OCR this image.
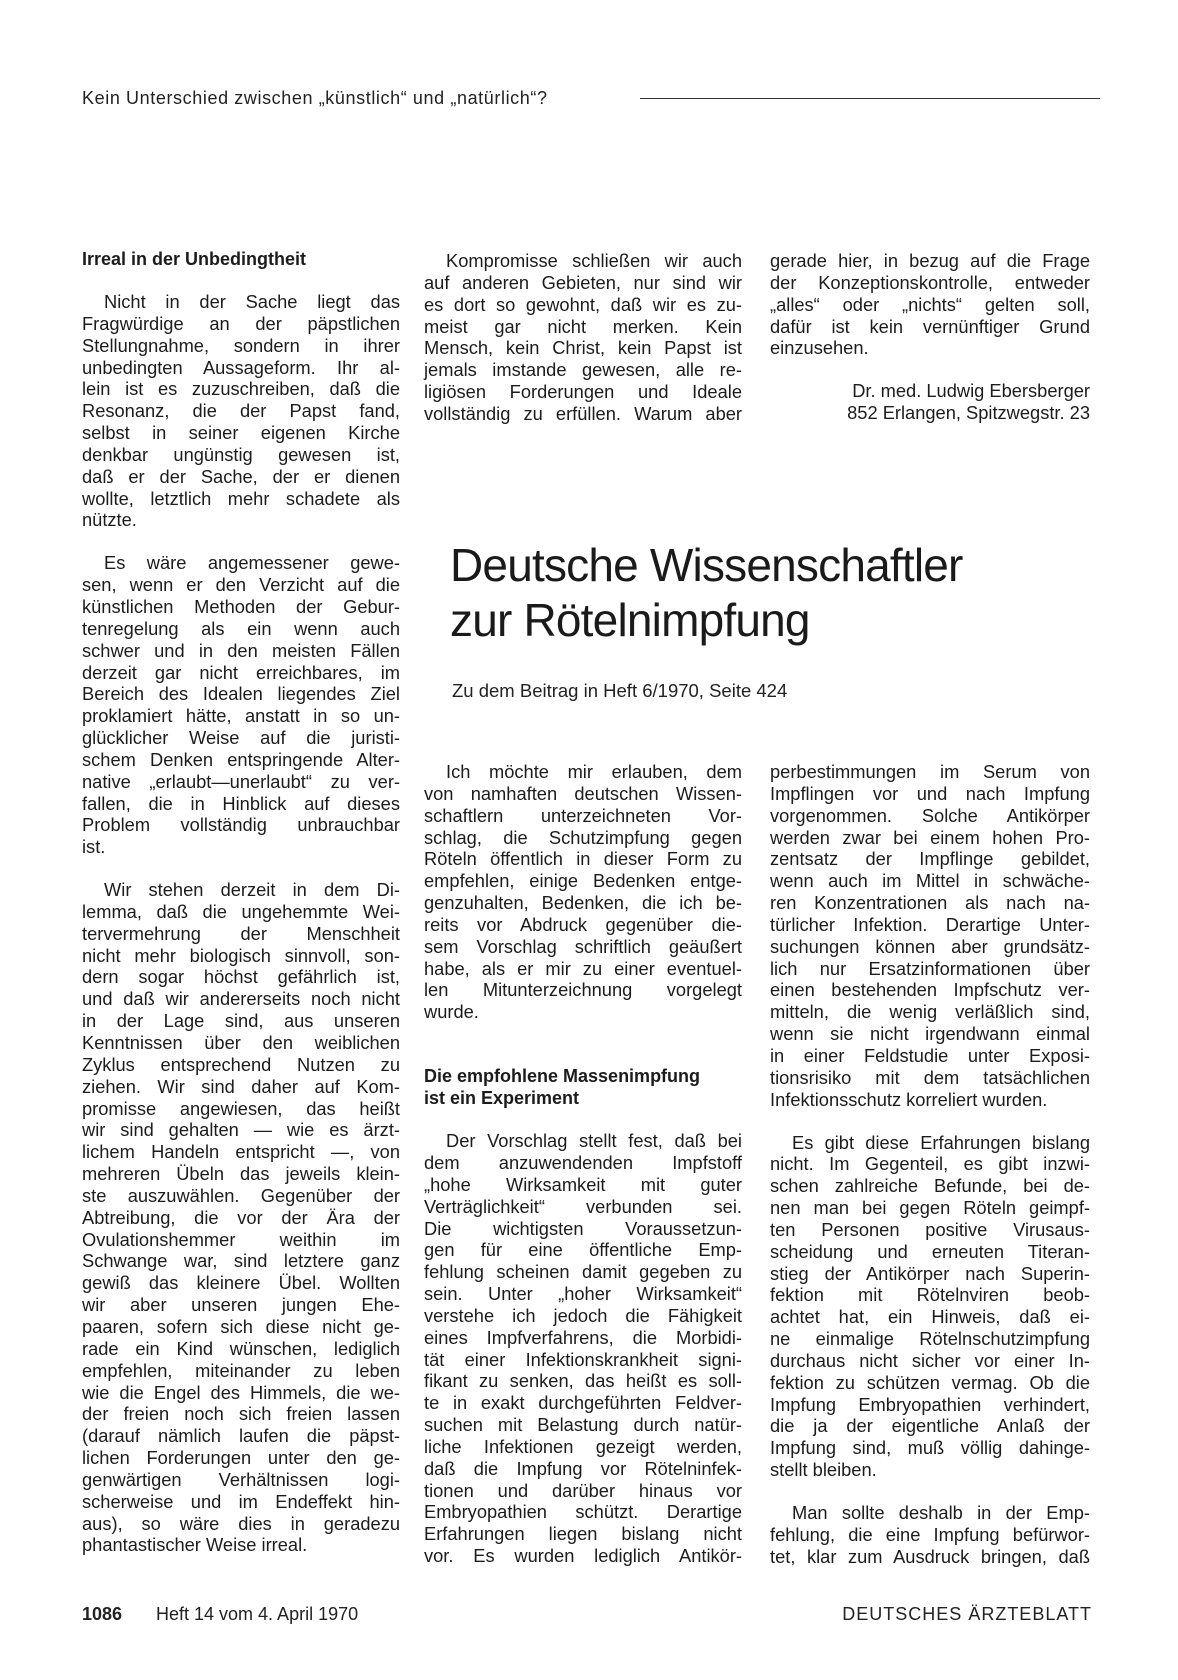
Kein Unterschied zwischen „künstlich“ und „natürlich“?

Irreal in der Unbedingtheit

Nicht in der Sache liegt das
Fragwürdige an der päpstlichen
Stellungnahme, sondern in ihrer
unbedingten Aussageform. Ihr al-
lein ist es zuzuschreiben, daß die
Resonanz, die der Papst fand,
selbst in seiner eigenen Kirche
denkbar ungünstig gewesen ist,
daß er der Sache, der er dienen
wollte, letztlich mehr schadete als
nützte.
Es wäre angemessener gewe-
sen, wenn er den Verzicht auf die
künstlichen Methoden der Gebur-
tenregelung als ein wenn auch
schwer und in den meisten Fällen
derzeit gar nicht erreichbares, im
Bereich des Idealen liegendes Ziel
proklamiert hätte, anstatt in so un-
glücklicher Weise auf die juristi-
schem Denken entspringende Alter-
native „erlaubt—unerlaubt“ zu ver-
fallen, die in Hinblick auf dieses
Problem vollständig unbrauchbar
ist.
Wir stehen derzeit in dem Di-
lemma, daß die ungehemmte Wei-
tervermehrung der Menschheit
nicht mehr biologisch sinnvoll, son-
dern sogar höchst gefährlich ist,
und daß wir andererseits noch nicht
in der Lage sind, aus unseren
Kenntnissen über den weiblichen
Zyklus entsprechend Nutzen zu
ziehen. Wir sind daher auf Kom-
promisse angewiesen, das heißt
wir sind gehalten — wie es ärzt-
lichem Handeln entspricht —, von
mehreren Übeln das jeweils klein-
ste auszuwählen. Gegenüber der
Abtreibung, die vor der Ära der
Ovulationshemmer weithin im
Schwange war, sind letztere ganz
gewiß das kleinere Übel. Wollten
wir aber unseren jungen Ehe-
paaren, sofern sich diese nicht ge-
rade ein Kind wünschen, lediglich
empfehlen, miteinander zu leben
wie die Engel des Himmels, die we-
der freien noch sich freien lassen
(darauf nämlich laufen die päpst-
lichen Forderungen unter den ge-
genwärtigen Verhältnissen logi-
scherweise und im Endeffekt hin-
aus), so wäre dies in geradezu
phantastischer Weise irreal.
Kompromisse schließen wir auch
auf anderen Gebieten, nur sind wir
es dort so gewohnt, daß wir es zu-
meist gar nicht merken. Kein
Mensch, kein Christ, kein Papst ist
jemals imstande gewesen, alle re-
ligiösen Forderungen und Ideale
vollständig zu erfüllen. Warum aber
gerade hier, in bezug auf die Frage
der Konzeptionskontrolle, entweder
„alles“ oder „nichts“ gelten soll,
dafür ist kein vernünftiger Grund
einzusehen.
Dr. med. Ludwig Ebersberger
852 Erlangen, Spitzwegstr. 23
Deutsche Wissenschaftler
zur Rötelnimpfung
Zu dem Beitrag in Heft 6/1970, Seite 424
Ich möchte mir erlauben, dem
von namhaften deutschen Wissen-
schaftlern unterzeichneten Vor-
schlag, die Schutzimpfung gegen
Röteln öffentlich in dieser Form zu
empfehlen, einige Bedenken entge-
genzuhalten, Bedenken, die ich be-
reits vor Abdruck gegenüber die-
sem Vorschlag schriftlich geäußert
habe, als er mir zu einer eventuel-
len Mitunterzeichnung vorgelegt
wurde.

Die empfohlene Massenimpfung
ist ein Experiment

Der Vorschlag stellt fest, daß bei
dem anzuwendenden Impfstoff
„hohe Wirksamkeit mit guter
Verträglichkeit“ verbunden sei.
Die wichtigsten Voraussetzun-
gen für eine öffentliche Emp-
fehlung scheinen damit gegeben zu
sein. Unter „hoher Wirksamkeit“
verstehe ich jedoch die Fähigkeit
eines Impfverfahrens, die Morbidi-
tät einer Infektionskrankheit signi-
fikant zu senken, das heißt es soll-
te in exakt durchgeführten Feldver-
suchen mit Belastung durch natür-
liche Infektionen gezeigt werden,
daß die Impfung vor Rötelninfek-
tionen und darüber hinaus vor
Embryopathien schützt. Derartige
Erfahrungen liegen bislang nicht
vor. Es wurden lediglich Antikör-
perbestimmungen im Serum von
Impflingen vor und nach Impfung
vorgenommen. Solche Antikörper
werden zwar bei einem hohen Pro-
zentsatz der Impflinge gebildet,
wenn auch im Mittel in schwäche-
ren Konzentrationen als nach na-
türlicher Infektion. Derartige Unter-
suchungen können aber grundsätz-
lich nur Ersatzinformationen über
einen bestehenden Impfschutz ver-
mitteln, die wenig verläßlich sind,
wenn sie nicht irgendwann einmal
in einer Feldstudie unter Exposi-
tionsrisiko mit dem tatsächlichen
Infektionsschutz korreliert wurden.
Es gibt diese Erfahrungen bislang
nicht. Im Gegenteil, es gibt inzwi-
schen zahlreiche Befunde, bei de-
nen man bei gegen Röteln geimpf-
ten Personen positive Virusaus-
scheidung und erneuten Titeran-
stieg der Antikörper nach Superin-
fektion mit Rötelnviren beob-
achtet hat, ein Hinweis, daß ei-
ne einmalige Rötelnschutzimpfung
durchaus nicht sicher vor einer In-
fektion zu schützen vermag. Ob die
Impfung Embryopathien verhindert,
die ja der eigentliche Anlaß der
Impfung sind, muß völlig dahinge-
stellt bleiben.
Man sollte deshalb in der Emp-
fehlung, die eine Impfung befürwor-
tet, klar zum Ausdruck bringen, daß
1086 Heft 14 vom 4. April 1970	DEUTSCHES ÄRZTEBLATT
